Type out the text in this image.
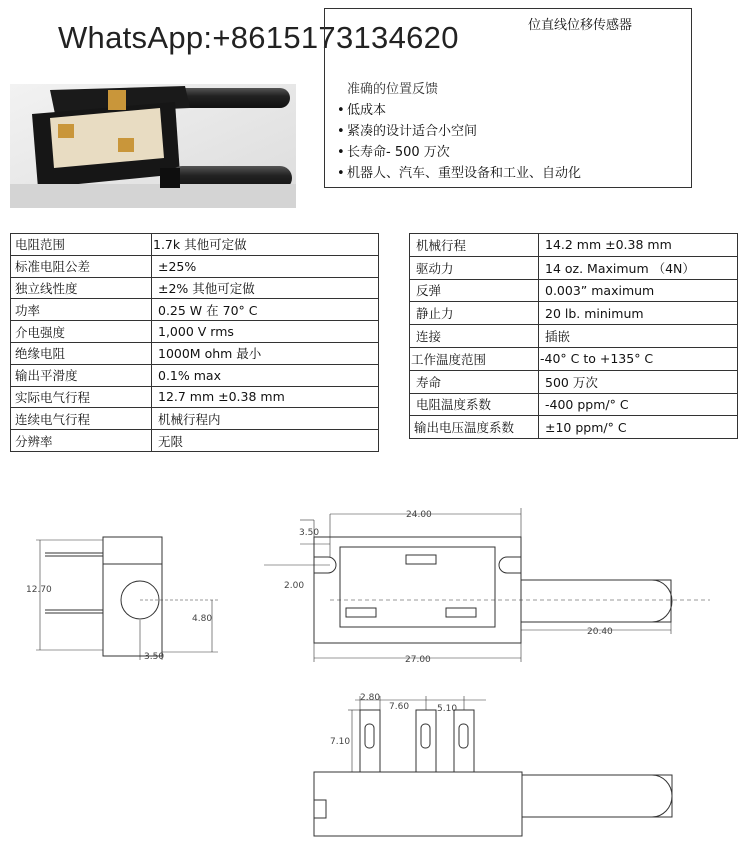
WhatsApp:+8615173134620	位直线位移传感器
准确的位置反馈
• 低成本
• 紧凑的设计适合小空间
• 长寿命- 500 万次
• 机器人、汽车、重型设备和工业、自动化
电阻范围	1.7k 其他可定做
标准电阻公差	±25%
独立线性度	±2% 其他可定做
功率	0.25 W 在 70° C
介电强度	1,000 V rms
绝缘电阻	1000M ohm 最小
输出平滑度	0.1% max
实际电气行程	12.7 mm ±0.38 mm
连续电气行程	机械行程内
分辨率	无限
机械行程	14.2 mm ±0.38 mm
驱动力	14 oz. Maximum （4N）
反弹	0.003” maximum
静止力	20 lb. minimum
连接	插嵌
工作温度范围	-40° C to +135° C
寿命	500 万次
电阻温度系数	-400 ppm/° C
输出电压温度系数	±10 ppm/° C
12.70
4.80
3.50
3.50
24.00
2.00
27.00
20.40
2.80
7.60	5.10
7.10
